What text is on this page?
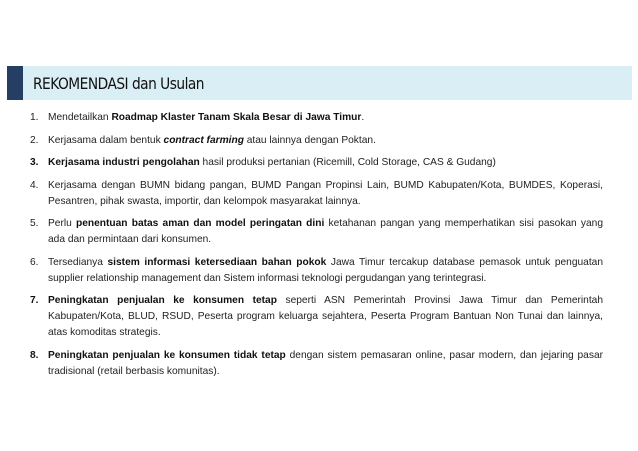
REKOMENDASI dan Usulan
1. Mendetailkan Roadmap Klaster Tanam Skala Besar di Jawa Timur.
2. Kerjasama dalam bentuk contract farming atau lainnya dengan Poktan.
3. Kerjasama industri pengolahan hasil produksi pertanian (Ricemill, Cold Storage, CAS & Gudang)
4. Kerjasama dengan BUMN bidang pangan, BUMD Pangan Propinsi Lain, BUMD Kabupaten/Kota, BUMDES, Koperasi, Pesantren, pihak swasta, importir, dan kelompok masyarakat lainnya.
5. Perlu penentuan batas aman dan model peringatan dini ketahanan pangan yang memperhatikan sisi pasokan yang ada dan permintaan dari konsumen.
6. Tersedianya sistem informasi ketersediaan bahan pokok Jawa Timur tercakup database pemasok untuk penguatan supplier relationship management dan Sistem informasi teknologi pergudangan yang terintegrasi.
7. Peningkatan penjualan ke konsumen tetap seperti ASN Pemerintah Provinsi Jawa Timur dan Pemerintah Kabupaten/Kota, BLUD, RSUD, Peserta program keluarga sejahtera, Peserta Program Bantuan Non Tunai dan lainnya, atas komoditas strategis.
8. Peningkatan penjualan ke konsumen tidak tetap dengan sistem pemasaran online, pasar modern, dan jejaring pasar tradisional (retail berbasis komunitas).
